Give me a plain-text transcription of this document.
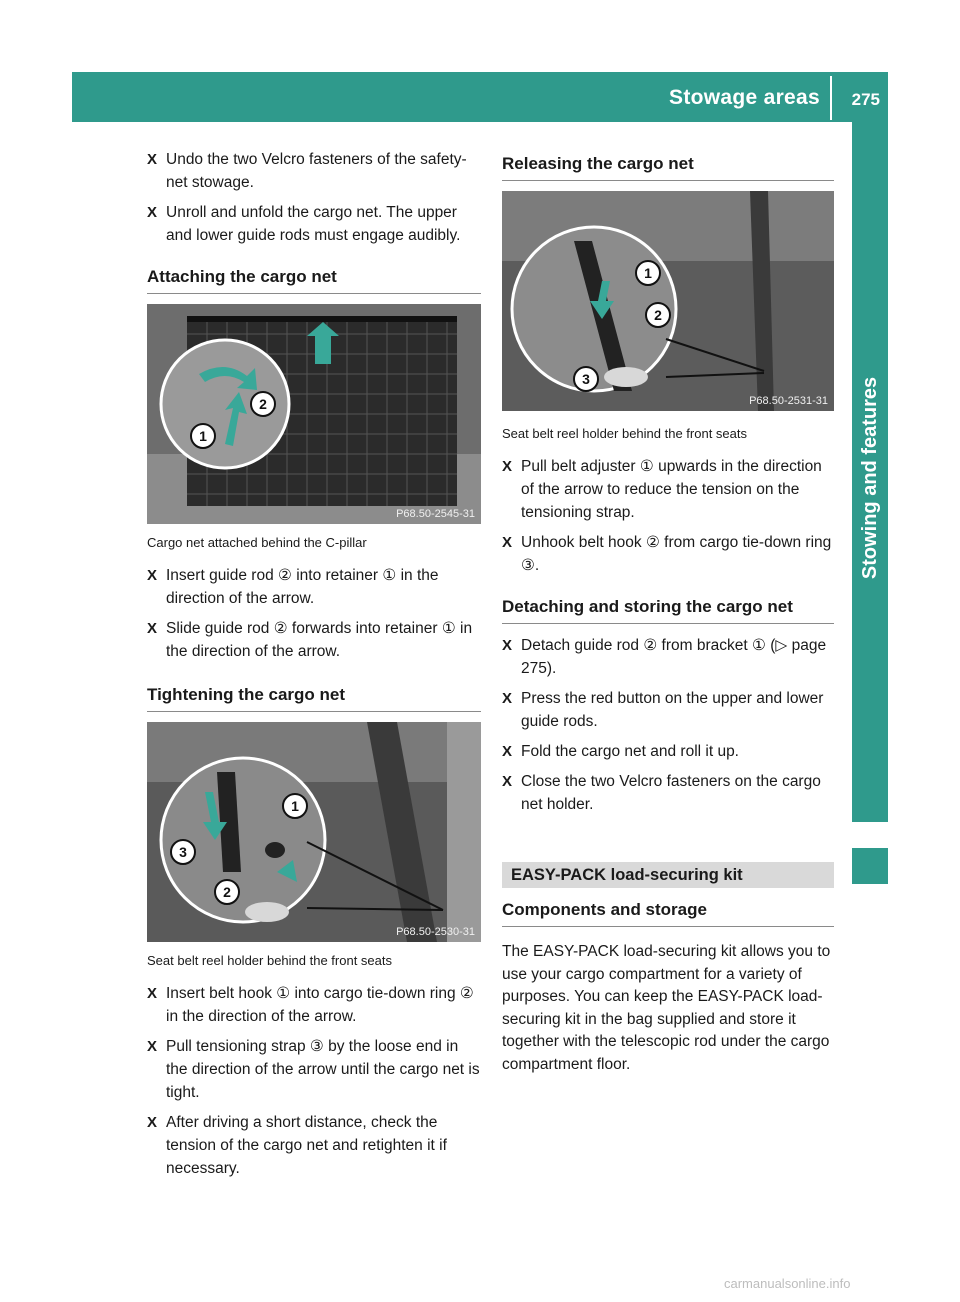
Stowage areas 275
Stowing and features
X Undo the two Velcro fasteners of the safety-net stowage.
X Unroll and unfold the cargo net. The upper and lower guide rods must engage audibly.
Attaching the cargo net
2
1
P68.50-2545-31
Cargo net attached behind the C-pillar
X Insert guide rod ② into retainer ① in the direction of the arrow.
X Slide guide rod ② forwards into retainer ① in the direction of the arrow.
Tightening the cargo net
1
2
3
P68.50-2530-31
Seat belt reel holder behind the front seats
X Insert belt hook ① into cargo tie-down ring ② in the direction of the arrow.
X Pull tensioning strap ③ by the loose end in the direction of the arrow until the cargo net is tight.
X After driving a short distance, check the tension of the cargo net and retighten it if necessary.
Releasing the cargo net
1
2
3
P68.50-2531-31
Seat belt reel holder behind the front seats
X Pull belt adjuster ① upwards in the direction of the arrow to reduce the tension on the tensioning strap.
X Unhook belt hook ② from cargo tie-down ring ③.
Detaching and storing the cargo net
X Detach guide rod ② from bracket ① (▷ page 275).
X Press the red button on the upper and lower guide rods.
X Fold the cargo net and roll it up.
X Close the two Velcro fasteners on the cargo net holder.
EASY-PACK load-securing kit
Components and storage
The EASY-PACK load-securing kit allows you to use your cargo compartment for a variety of purposes. You can keep the EASY-PACK load-securing kit in the bag supplied and store it together with the telescopic rod under the cargo compartment floor.
carmanualsonline.info
